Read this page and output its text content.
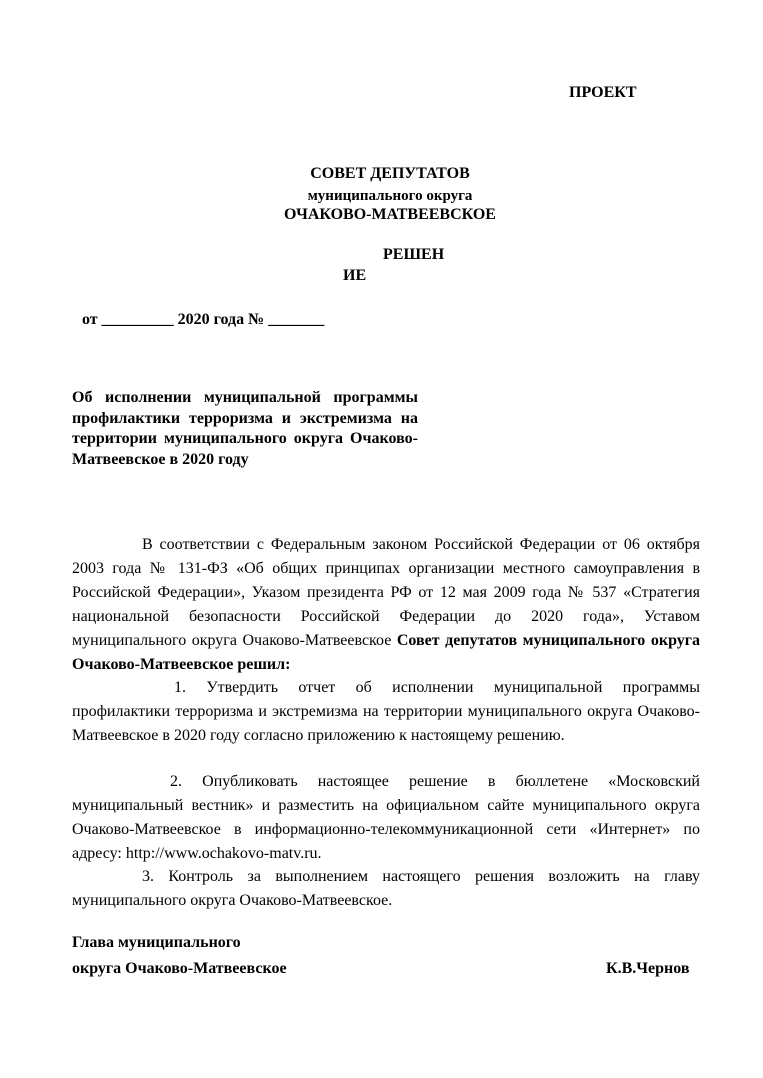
ПРОЕКТ
СОВЕТ ДЕПУТАТОВ
муниципального округа
ОЧАКОВО-МАТВЕЕВСКОЕ
РЕШЕН
ИЕ
от _________ 2020 года № _______
Об исполнении муниципальной программы профилактики терроризма и экстремизма на территории муниципального округа Очаково-Матвеевское в 2020 году
В соответствии с Федеральным законом Российской Федерации от 06 октября 2003 года № 131-ФЗ «Об общих принципах организации местного самоуправления в Российской Федерации», Указом президента РФ от 12 мая 2009 года № 537 «Стратегия национальной безопасности Российской Федерации до 2020 года», Уставом муниципального округа Очаково-Матвеевское Совет депутатов муниципального округа Очаково-Матвеевское решил:
1. Утвердить отчет об исполнении муниципальной программы профилактики терроризма и экстремизма на территории муниципального округа Очаково-Матвеевское в 2020 году согласно приложению к настоящему решению.
2. Опубликовать настоящее решение в бюллетене «Московский муниципальный вестник» и разместить на официальном сайте муниципального округа Очаково-Матвеевское в информационно-телекоммуникационной сети «Интернет» по адресу: http://www.ochakovo-matv.ru.
3. Контроль за выполнением настоящего решения возложить на главу муниципального округа Очаково-Матвеевское.
Глава муниципального
округа Очаково-Матвеевское	К.В.Чернов
